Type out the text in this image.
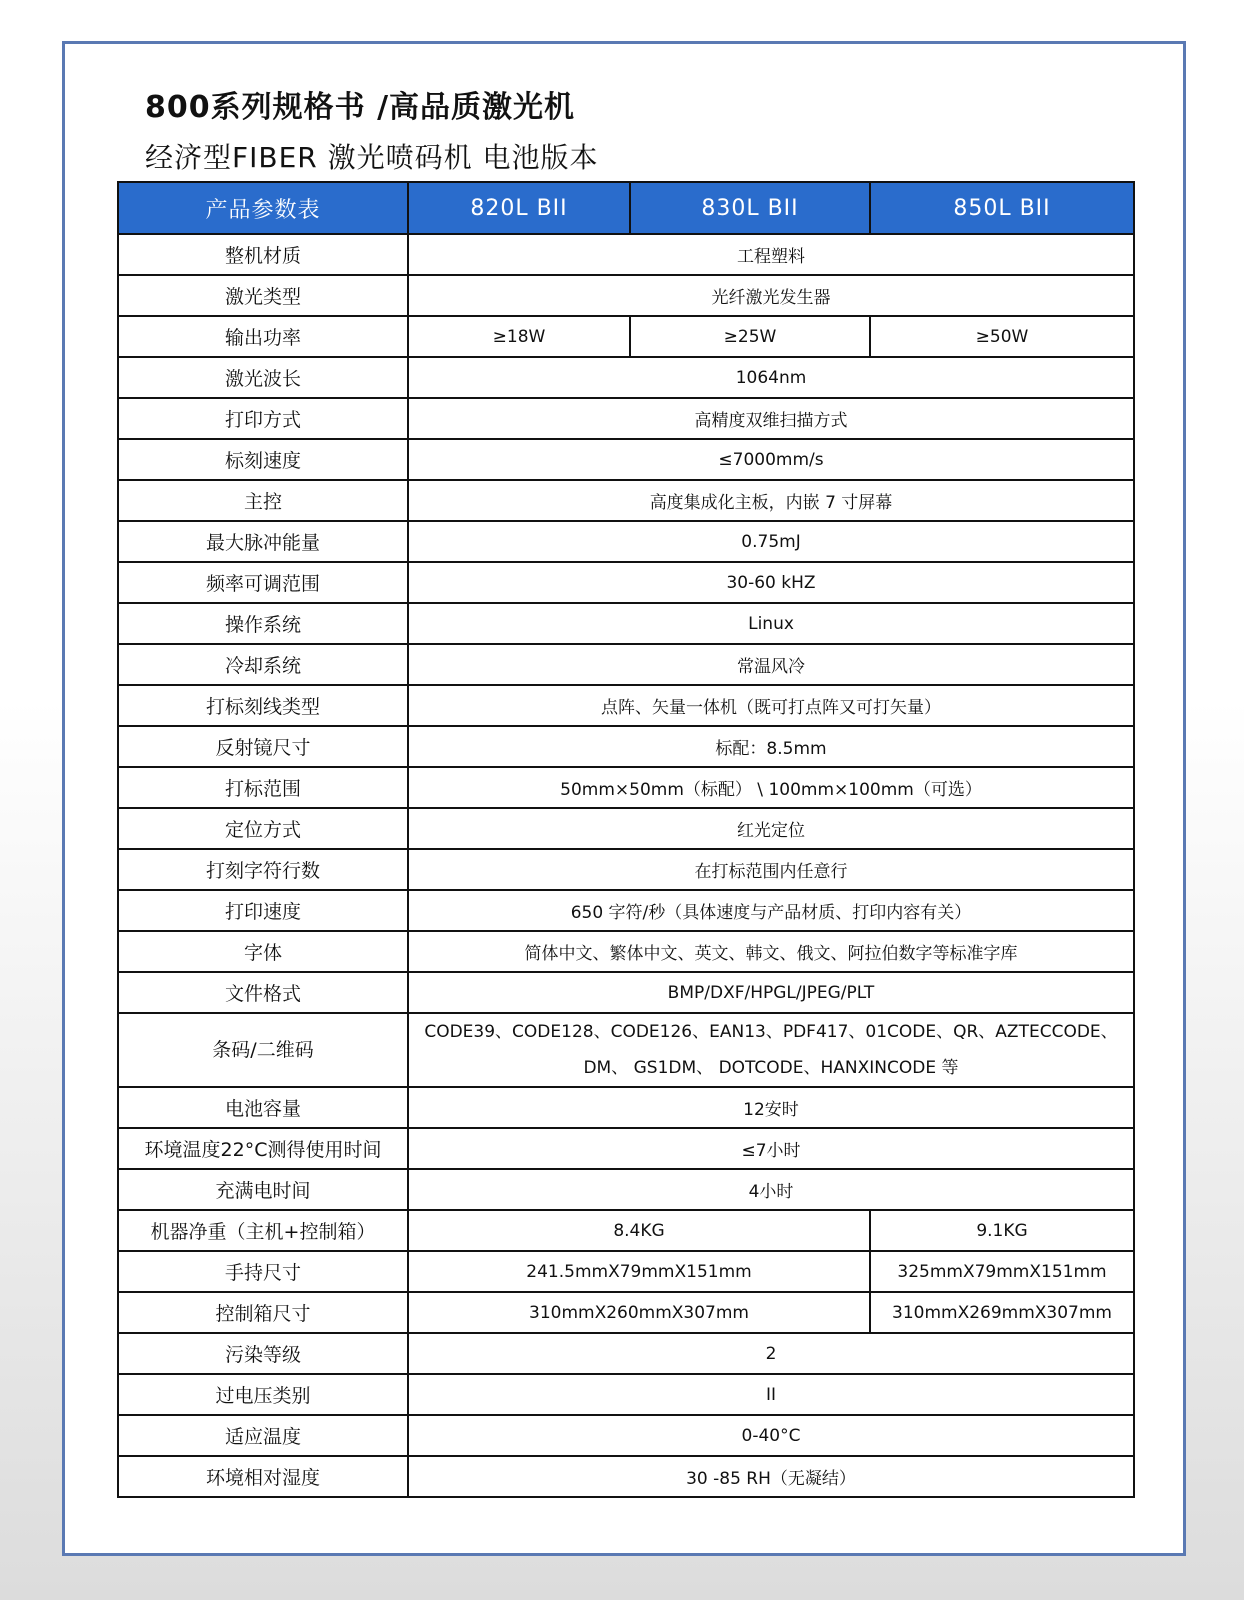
800系列规格书 /高品质激光机
经济型FIBER 激光喷码机 电池版本
产品参数表	820L BII	830L BII	850L BII
整机材质	工程塑料		
激光类型	光纤激光发生器		
输出功率	≥18W	≥25W	≥50W
激光波长	1064nm		
打印方式	高精度双维扫描方式		
标刻速度	≤7000mm/s		
主控	高度集成化主板，内嵌 7 寸屏幕		
最大脉冲能量	0.75mJ		
频率可调范围	30-60 kHZ		
操作系统	Linux		
冷却系统	常温风冷		
打标刻线类型	点阵、矢量一体机（既可打点阵又可打矢量）		
反射镜尺寸	标配：8.5mm		
打标范围	50mm×50mm（标配） \ 100mm×100mm（可选）		
定位方式	红光定位		
打刻字符行数	在打标范围内任意行		
打印速度	650 字符/秒（具体速度与产品材质、打印内容有关）		
字体	简体中文、繁体中文、英文、韩文、俄文、阿拉伯数字等标准字库		
文件格式	BMP/DXF/HPGL/JPEG/PLT		
条码/二维码	CODE39、CODE128、CODE126、EAN13、PDF417、01CODE、QR、AZTECCODE、
DM、 GS1DM、 DOTCODE、HANXINCODE 等		

电池容量	12安时		
环境温度22°C测得使用时间	≤7小时		
充满电时间	4小时		
机器净重（主机+控制箱）	8.4KG		9.1KG
手持尺寸	241.5mmX79mmX151mm		325mmX79mmX151mm
控制箱尺寸	310mmX260mmX307mm		310mmX269mmX307mm
污染等级	2		
过电压类别	II		
适应温度	0-40°C		
环境相对湿度	30 -85 RH（无凝结）		
